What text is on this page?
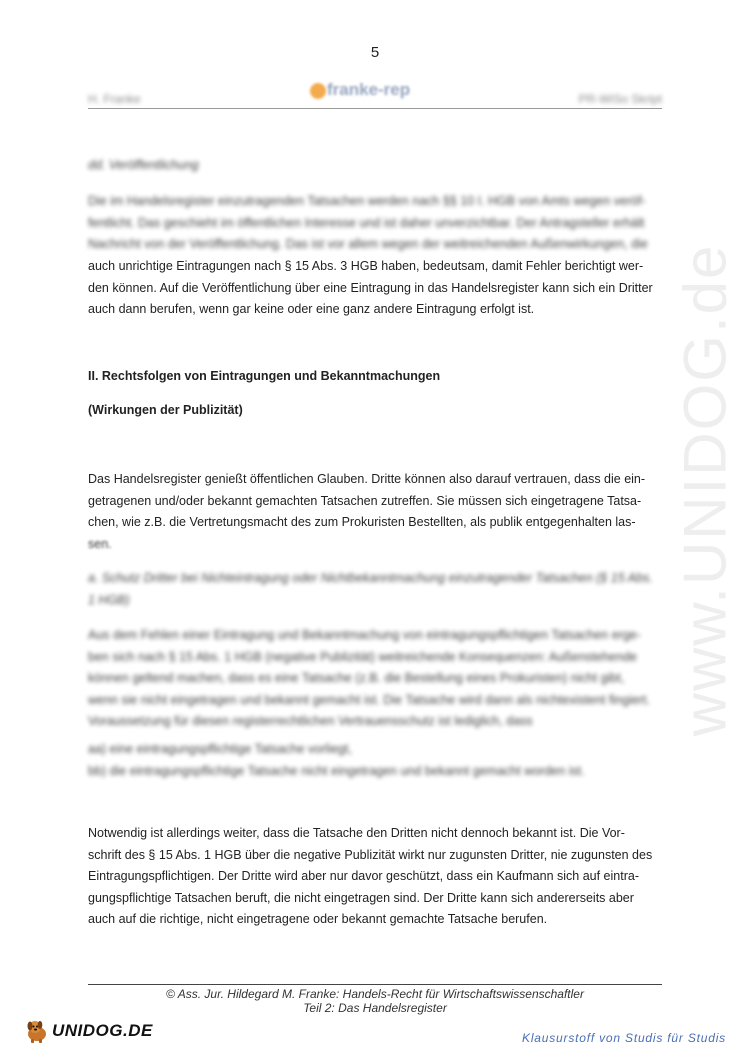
www.UNIDOG.de
5
H. Franke	franke-rep	PR-WiSo Skript
dd. Veröffentlichung
Die im Handelsregister einzutragenden Tatsachen werden nach §§ 10 I. HGB von Amts wegen veröf-
fentlicht. Das geschieht im öffentlichen Interesse und ist daher unverzichtbar. Der Antragsteller erhält
Nachricht von der Veröffentlichung. Das ist vor allem wegen der weitreichenden Außenwirkungen, die
auch unrichtige Eintragungen nach § 15 Abs. 3 HGB haben, bedeutsam, damit Fehler berichtigt wer-
den können. Auf die Veröffentlichung über eine Eintragung in das Handelsregister kann sich ein Dritter
auch dann berufen, wenn gar keine oder eine ganz andere Eintragung erfolgt ist.
II. Rechtsfolgen von Eintragungen und Bekanntmachungen
(Wirkungen der Publizität)
Das Handelsregister genießt öffentlichen Glauben. Dritte können also darauf vertrauen, dass die ein-
getragenen und/oder bekannt gemachten Tatsachen zutreffen. Sie müssen sich eingetragene Tatsa-
chen, wie z.B. die Vertretungsmacht des zum Prokuristen Bestellten, als publik entgegenhalten las-
sen.
a. Schutz Dritter bei Nichteintragung oder Nichtbekanntmachung einzutragender Tatsachen (§ 15 Abs.
1 HGB)
Aus dem Fehlen einer Eintragung und Bekanntmachung von eintragungspflichtigen Tatsachen erge-
ben sich nach § 15 Abs. 1 HGB (negative Publizität) weitreichende Konsequenzen: Außenstehende
können geltend machen, dass es eine Tatsache (z.B. die Bestellung eines Prokuristen) nicht gibt,
wenn sie nicht eingetragen und bekannt gemacht ist. Die Tatsache wird dann als nichtexistent fingiert.
Voraussetzung für diesen registerrechtlichen Vertrauensschutz ist lediglich, dass
aa) eine eintragungspflichtige Tatsache vorliegt,
bb) die eintragungspflichtige Tatsache nicht eingetragen und bekannt gemacht worden ist.
Notwendig ist allerdings weiter, dass die Tatsache den Dritten nicht dennoch bekannt ist. Die Vor-
schrift des § 15 Abs. 1 HGB über die negative Publizität wirkt nur zugunsten Dritter, nie zugunsten des
Eintragungspflichtigen. Der Dritte wird aber nur davor geschützt, dass ein Kaufmann sich auf eintra-
gungspflichtige Tatsachen beruft, die nicht eingetragen sind. Der Dritte kann sich andererseits aber
auch auf die richtige, nicht eingetragene oder bekannt gemachte Tatsache berufen.
© Ass. Jur. Hildegard M. Franke: Handels-Recht für Wirtschaftswissenschaftler
Teil 2: Das Handelsregister
UNIDOG.DE	Klausurstoff von Studis für Studis
